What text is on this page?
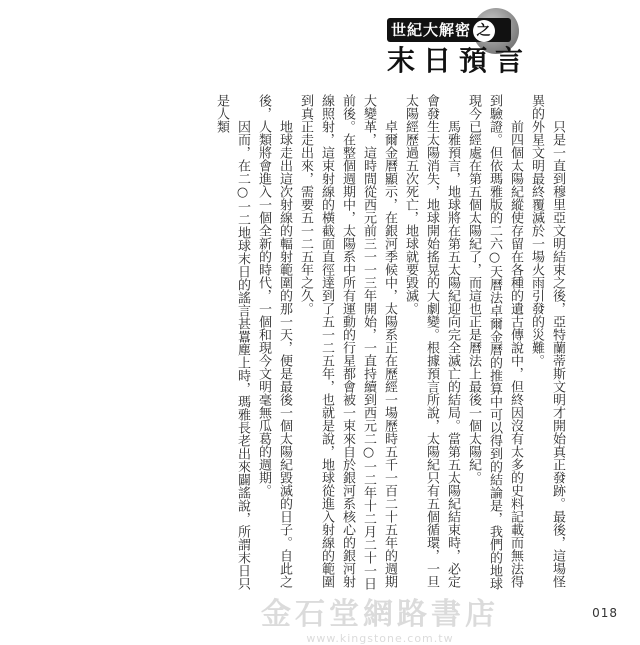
世紀大解密 之
末日預言

只是一直到穆里亞文明結束之後，亞特蘭蒂斯文明才開始真正發跡。最後，這場怪異的外星文明最終覆滅於一場火雨引發的災難。

前四個太陽紀縱使存留在各種的遺古傳說中，但終因沒有太多的史料記載而無法得到驗證。但依瑪雅版的二六○天曆法卓爾金曆的推算中可以得到的結論是，我們的地球現今已經處在第五個太陽紀了，而這也正是曆法上最後一個太陽紀。

馬雅預言，地球將在第五太陽紀迎向完全滅亡的結局。當第五太陽紀結束時，必定會發生太陽消失，地球開始搖晃的大劇變。根據預言所說，太陽紀只有五個循環，一旦太陽經歷過五次死亡，地球就要毀滅。

卓爾金曆顯示，在銀河季候中，太陽系正在歷經一場歷時五千一百二十五年的週期大變革，這時間從西元前三一一三年開始，一直持續到西元二○一二年十二月二十一日前後。在整個週期中，太陽系中所有運動的行星都會被一束來自於銀河系核心的銀河射線照射，這束射線的橫截面直徑達到了五一二五年，也就是說，地球從進入射線的範圍到真正走出來，需要五一二五年之久。

地球走出這次射線的輻射範圍的那一天，便是最後一個太陽紀毀滅的日子。自此之後，人類將會進入一個全新的時代，一個和現今文明毫無瓜葛的週期。

因而，在二○一二地球末日的謠言甚囂塵上時，瑪雅長老出來闢謠說，所謂末日只是人類

金石堂網路書店
www.kingstone.com.tw
018
